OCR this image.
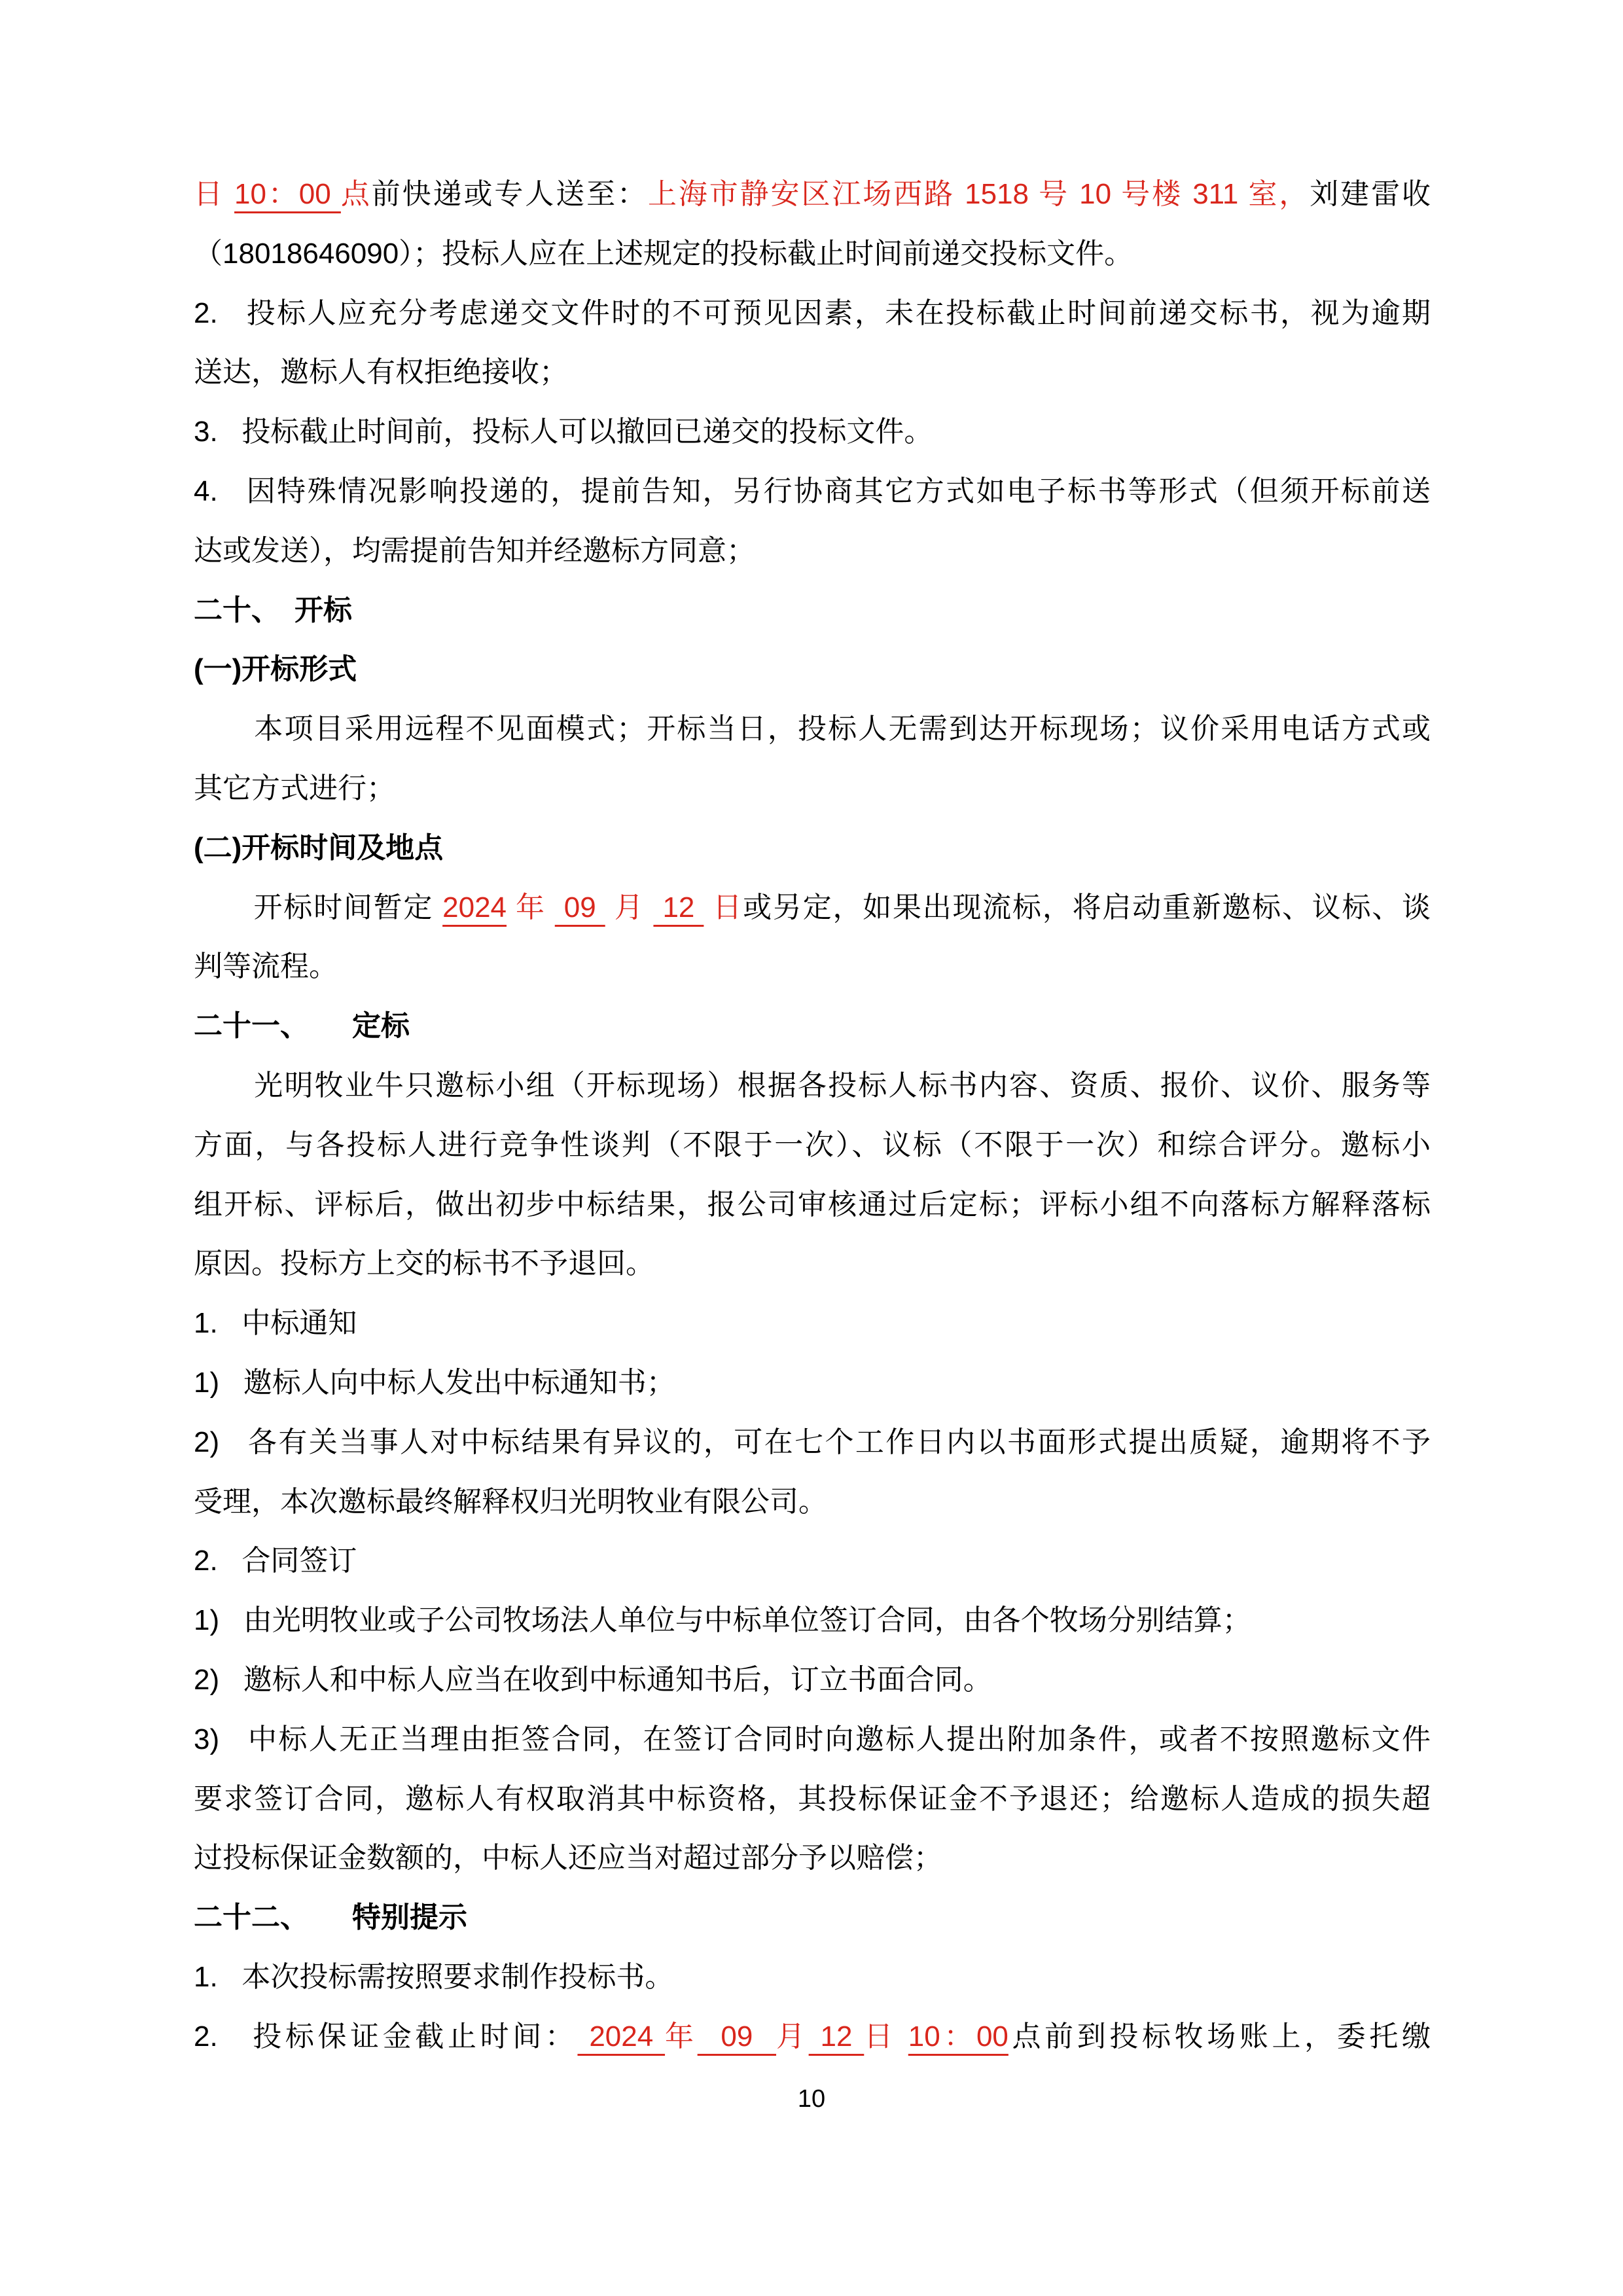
日 10：00 点前快递或专人送至：上海市静安区江场西路 1518 号 10 号楼 311 室，刘建雷收
（18018646090）；投标人应在上述规定的投标截止时间前递交投标文件。
2.   投标人应充分考虑递交文件时的不可预见因素，未在投标截止时间前递交标书，视为逾期
送达，邀标人有权拒绝接收；
3.   投标截止时间前，投标人可以撤回已递交的投标文件。
4.   因特殊情况影响投递的，提前告知，另行协商其它方式如电子标书等形式（但须开标前送
达或发送），均需提前告知并经邀标方同意；
二十、　开标
(一)开标形式
　　本项目采用远程不见面模式；开标当日，投标人无需到达开标现场；议价采用电话方式或
其它方式进行；
(二)开标时间及地点
　　开标时间暂定 2024 年  09  月  12  日或另定，如果出现流标，将启动重新邀标、议标、谈
判等流程。
二十一、　　定标
　　光明牧业牛只邀标小组（开标现场）根据各投标人标书内容、资质、报价、议价、服务等
方面，与各投标人进行竞争性谈判（不限于一次）、议标（不限于一次）和综合评分。邀标小
组开标、评标后，做出初步中标结果，报公司审核通过后定标；评标小组不向落标方解释落标
原因。投标方上交的标书不予退回。
1.   中标通知
1)   邀标人向中标人发出中标通知书；
2)   各有关当事人对中标结果有异议的，可在七个工作日内以书面形式提出质疑，逾期将不予
受理，本次邀标最终解释权归光明牧业有限公司。
2.   合同签订
1)   由光明牧业或子公司牧场法人单位与中标单位签订合同，由各个牧场分别结算；
2)   邀标人和中标人应当在收到中标通知书后，订立书面合同。
3)   中标人无正当理由拒签合同，在签订合同时向邀标人提出附加条件，或者不按照邀标文件
要求签订合同，邀标人有权取消其中标资格，其投标保证金不予退还；给邀标人造成的损失超
过投标保证金数额的，中标人还应当对超过部分予以赔偿；
二十二、　　特别提示
1.   本次投标需按照要求制作投标书。
2.   投标保证金截止时间： 2024 年  09  月 12 日 10：00点前到投标牧场账上，委托缴
10
